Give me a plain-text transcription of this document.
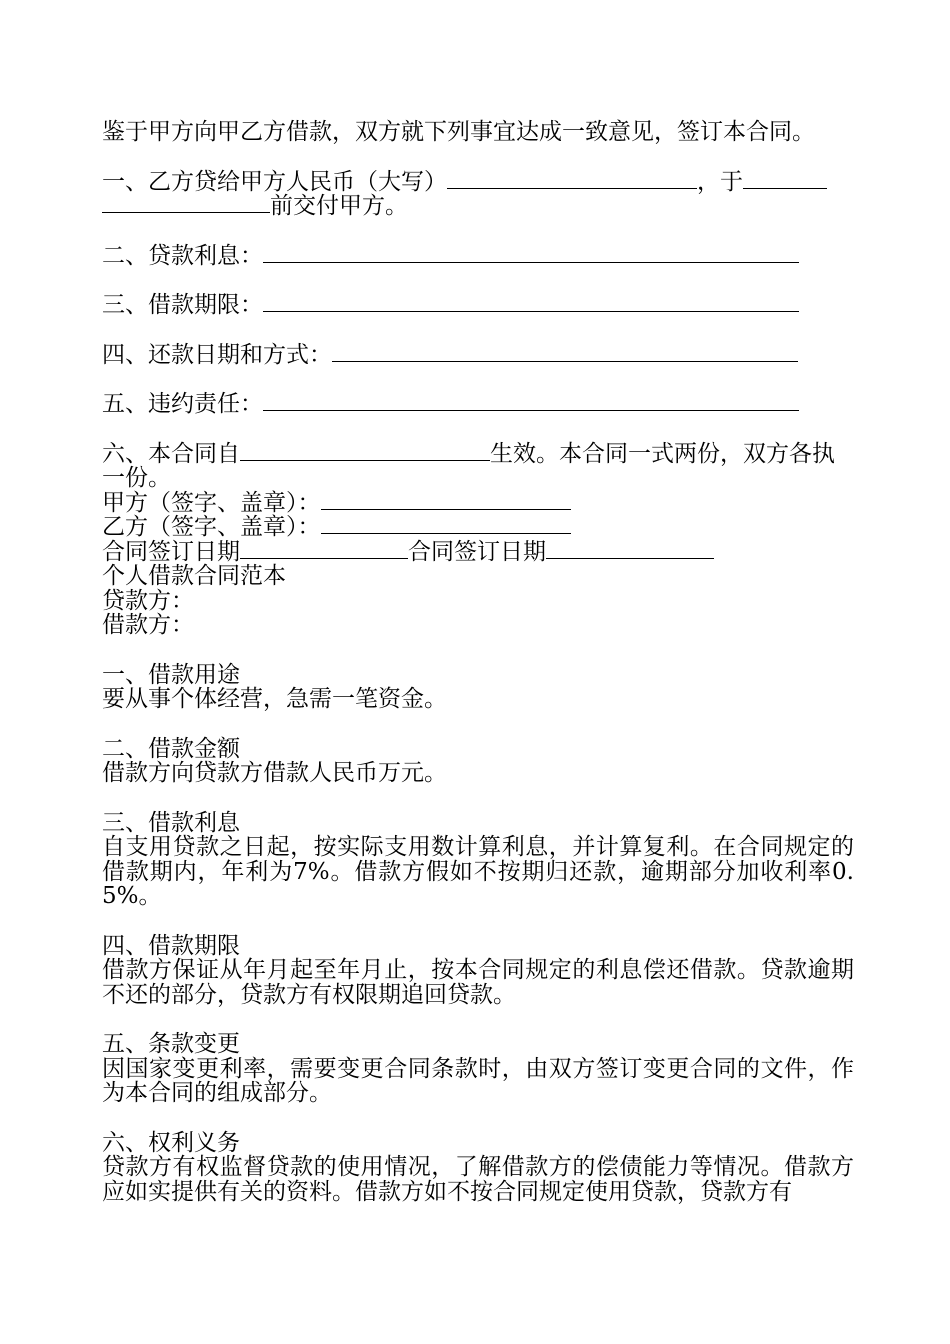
鉴于甲方向甲乙方借款，双方就下列事宜达成一致意见，签订本合同。

一、乙方贷给甲方人民币（大写）	，于
前交付甲方。

二、贷款利息：

三、借款期限：

四、还款日期和方式：

五、违约责任：

六、本合同自	生效。本合同一式两份，双方各执一份。

甲方（签字、盖章）：

乙方（签字、盖章）：

合同签订日期	合同签订日期

个人借款合同范本

贷款方：

借款方：

一、借款用途

要从事个体经营，急需一笔资金。

二、借款金额

借款方向贷款方借款人民币万元。

三、借款利息

自支用贷款之日起，按实际支用数计算利息，并计算复利。在合同规定的借款期内，年利为7%。借款方假如不按期归还款，逾期部分加收利率0.5%。

四、借款期限

借款方保证从年月起至年月止，按本合同规定的利息偿还借款。贷款逾期不还的部分，贷款方有权限期追回贷款。

五、条款变更

因国家变更利率，需要变更合同条款时，由双方签订变更合同的文件，作为本合同的组成部分。

六、权利义务

贷款方有权监督贷款的使用情况，了解借款方的偿债能力等情况。借款方应如实提供有关的资料。借款方如不按合同规定使用贷款，贷款方有
